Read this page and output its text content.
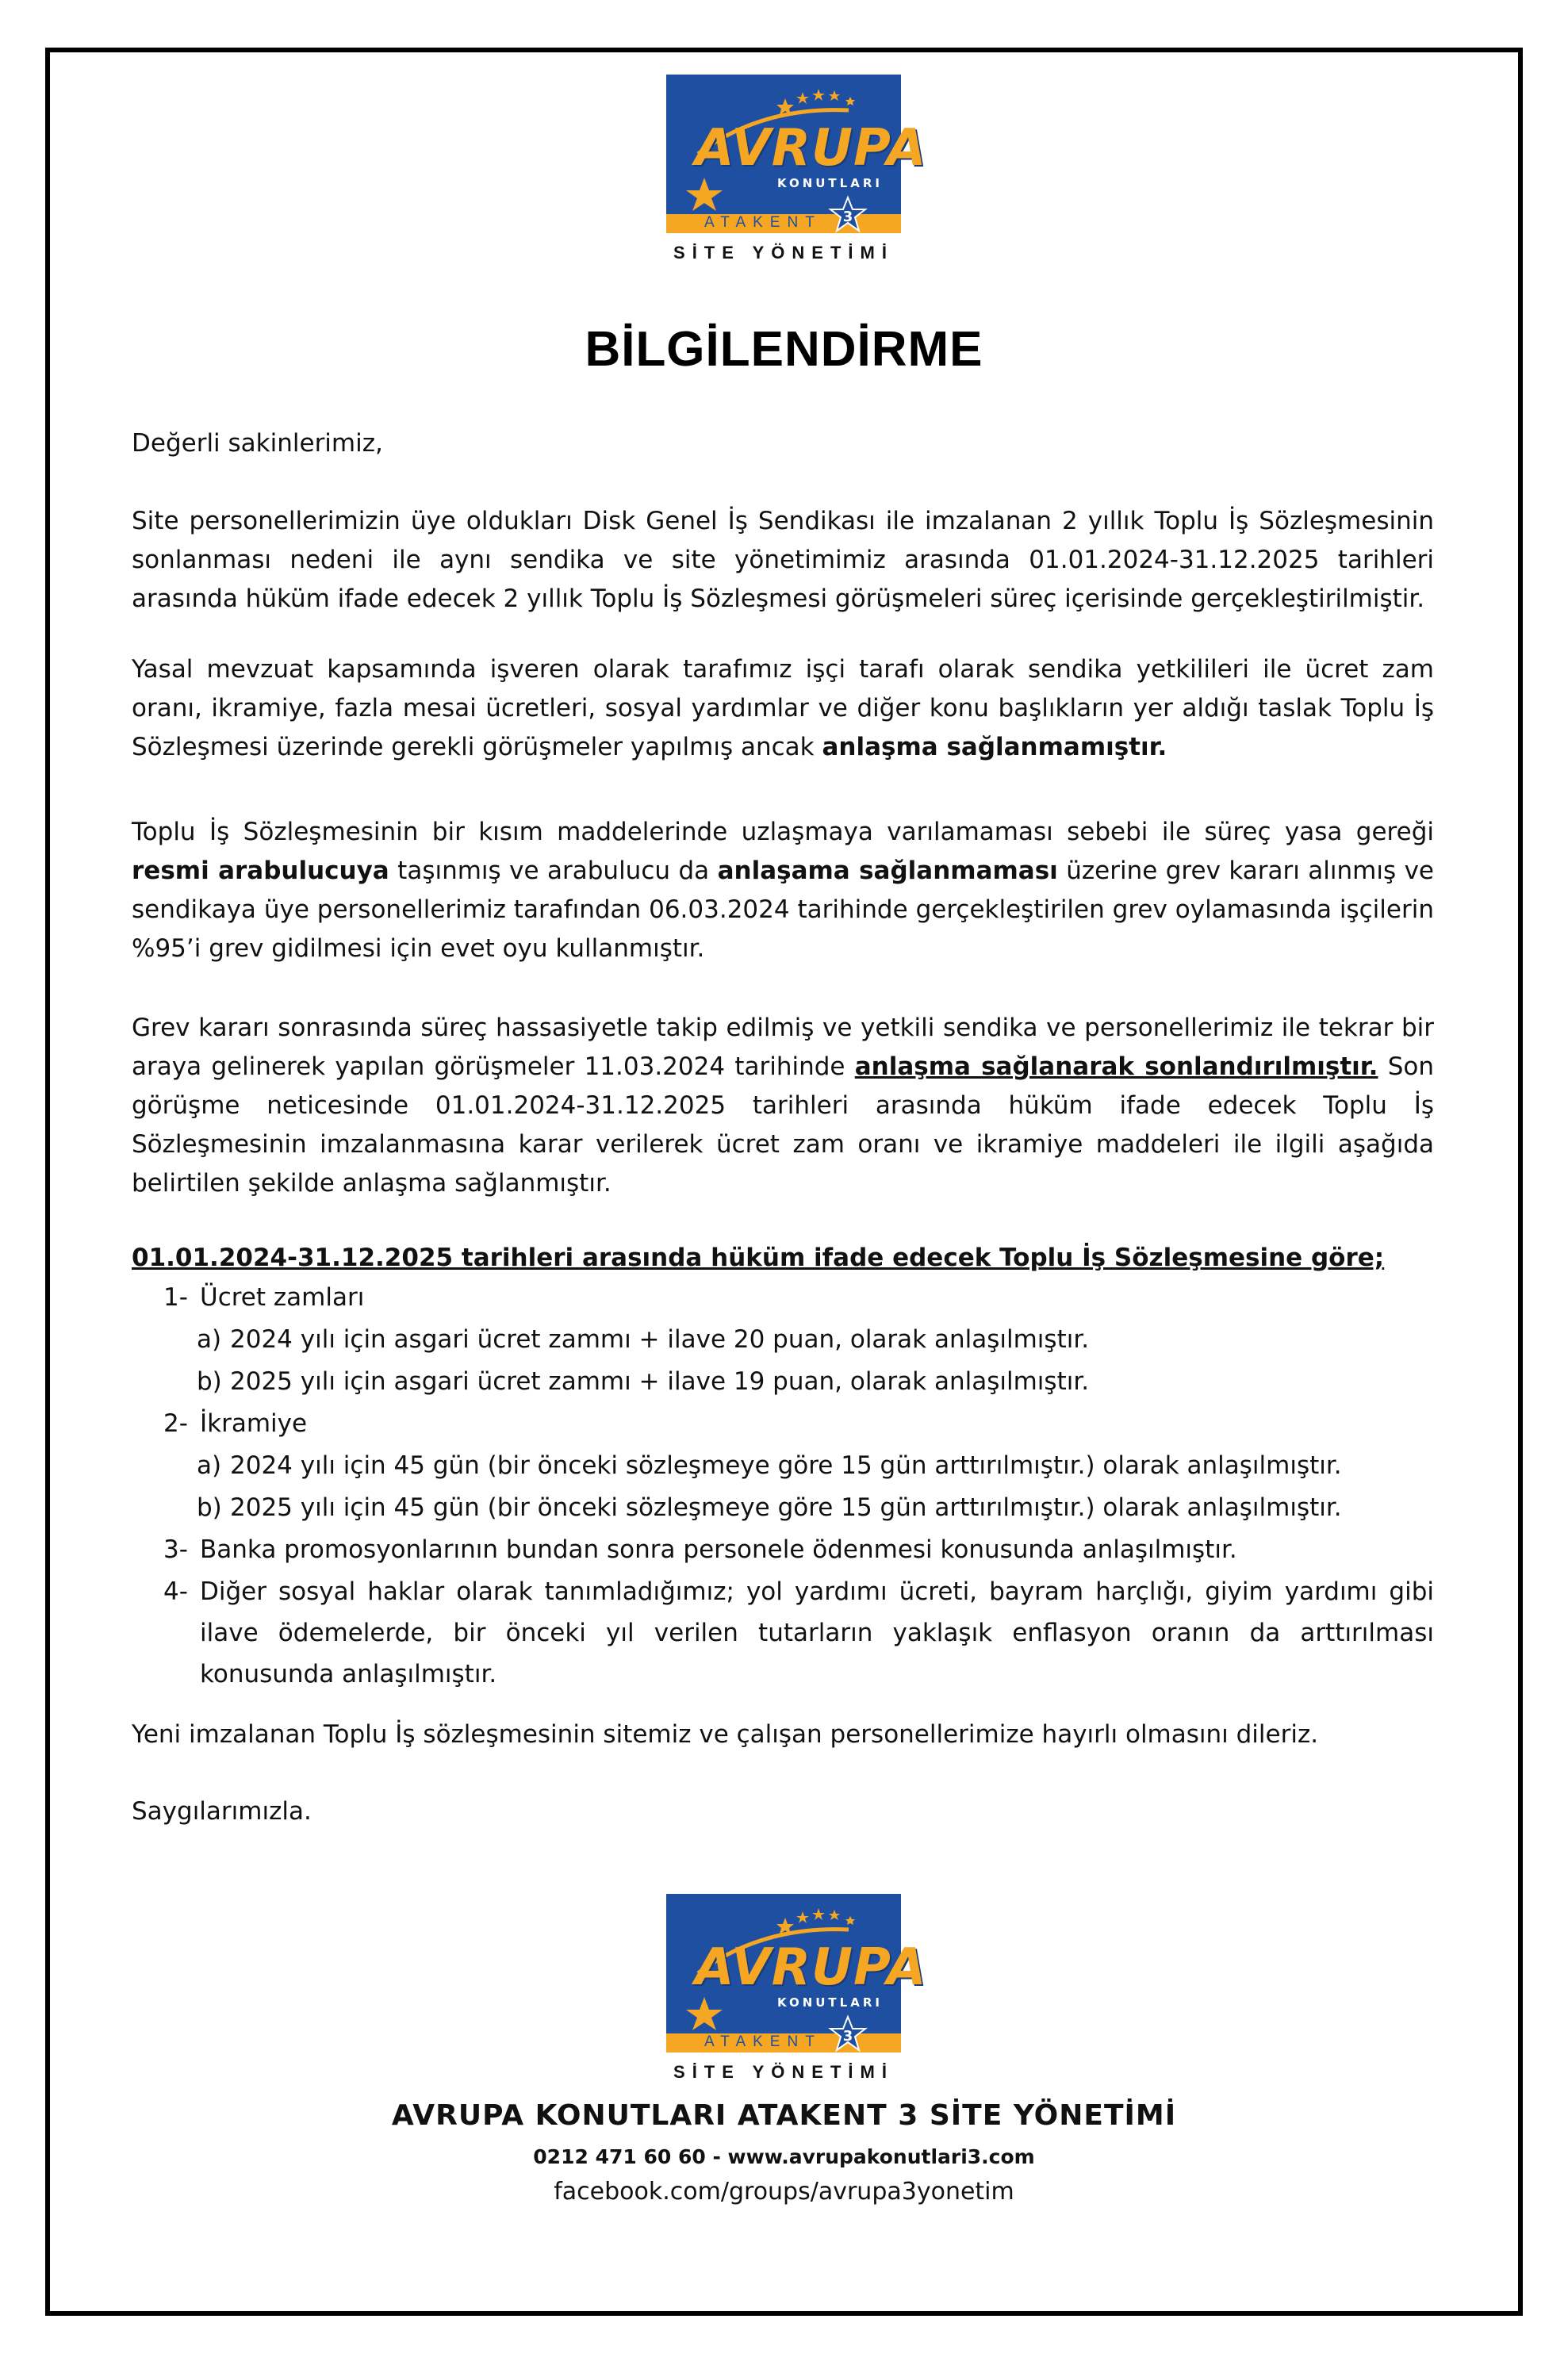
AVRUPA
KONUTLARI
ATAKENT 3
SİTE YÖNETİMİ
BİLGİLENDİRME
Değerli sakinlerimiz,
Site personellerimizin üye oldukları Disk Genel İş Sendikası ile imzalanan 2 yıllık Toplu İş Sözleşmesinin sonlanması nedeni ile aynı sendika ve site yönetimimiz arasında 01.01.2024-31.12.2025 tarihleri arasında hüküm ifade edecek 2 yıllık Toplu İş Sözleşmesi görüşmeleri süreç içerisinde gerçekleştirilmiştir.
Yasal mevzuat kapsamında işveren olarak tarafımız işçi tarafı olarak sendika yetkilileri ile ücret zam oranı, ikramiye, fazla mesai ücretleri, sosyal yardımlar ve diğer konu başlıkların yer aldığı taslak Toplu İş Sözleşmesi üzerinde gerekli görüşmeler yapılmış ancak anlaşma sağlanmamıştır.
Toplu İş Sözleşmesinin bir kısım maddelerinde uzlaşmaya varılamaması sebebi ile süreç yasa gereği resmi arabulucuya taşınmış ve arabulucu da anlaşama sağlanmaması üzerine grev kararı alınmış ve sendikaya üye personellerimiz tarafından 06.03.2024 tarihinde gerçekleştirilen grev oylamasında işçilerin %95’i grev gidilmesi için evet oyu kullanmıştır.
Grev kararı sonrasında süreç hassasiyetle takip edilmiş ve yetkili sendika ve personellerimiz ile tekrar bir araya gelinerek yapılan görüşmeler 11.03.2024 tarihinde anlaşma sağlanarak sonlandırılmıştır. Son görüşme neticesinde 01.01.2024-31.12.2025 tarihleri arasında hüküm ifade edecek Toplu İş Sözleşmesinin imzalanmasına karar verilerek ücret zam oranı ve ikramiye maddeleri ile ilgili aşağıda belirtilen şekilde anlaşma sağlanmıştır.
01.01.2024-31.12.2025 tarihleri arasında hüküm ifade edecek Toplu İş Sözleşmesine göre;
1- Ücret zamları
a) 2024 yılı için asgari ücret zammı + ilave 20 puan, olarak anlaşılmıştır.
b) 2025 yılı için asgari ücret zammı + ilave 19 puan, olarak anlaşılmıştır.
2- İkramiye
a) 2024 yılı için 45 gün (bir önceki sözleşmeye göre 15 gün arttırılmıştır.) olarak anlaşılmıştır.
b) 2025 yılı için 45 gün (bir önceki sözleşmeye göre 15 gün arttırılmıştır.) olarak anlaşılmıştır.
3- Banka promosyonlarının bundan sonra personele ödenmesi konusunda anlaşılmıştır.
4- Diğer sosyal haklar olarak tanımladığımız; yol yardımı ücreti, bayram harçlığı, giyim yardımı gibi ilave ödemelerde, bir önceki yıl verilen tutarların yaklaşık enflasyon oranın da arttırılması konusunda anlaşılmıştır.
Yeni imzalanan Toplu İş sözleşmesinin sitemiz ve çalışan personellerimize hayırlı olmasını dileriz.
Saygılarımızla.
AVRUPA
KONUTLARI
ATAKENT 3
SİTE YÖNETİMİ
AVRUPA KONUTLARI ATAKENT 3 SİTE YÖNETİMİ
0212 471 60 60 - www.avrupakonutlari3.com
facebook.com/groups/avrupa3yonetim
